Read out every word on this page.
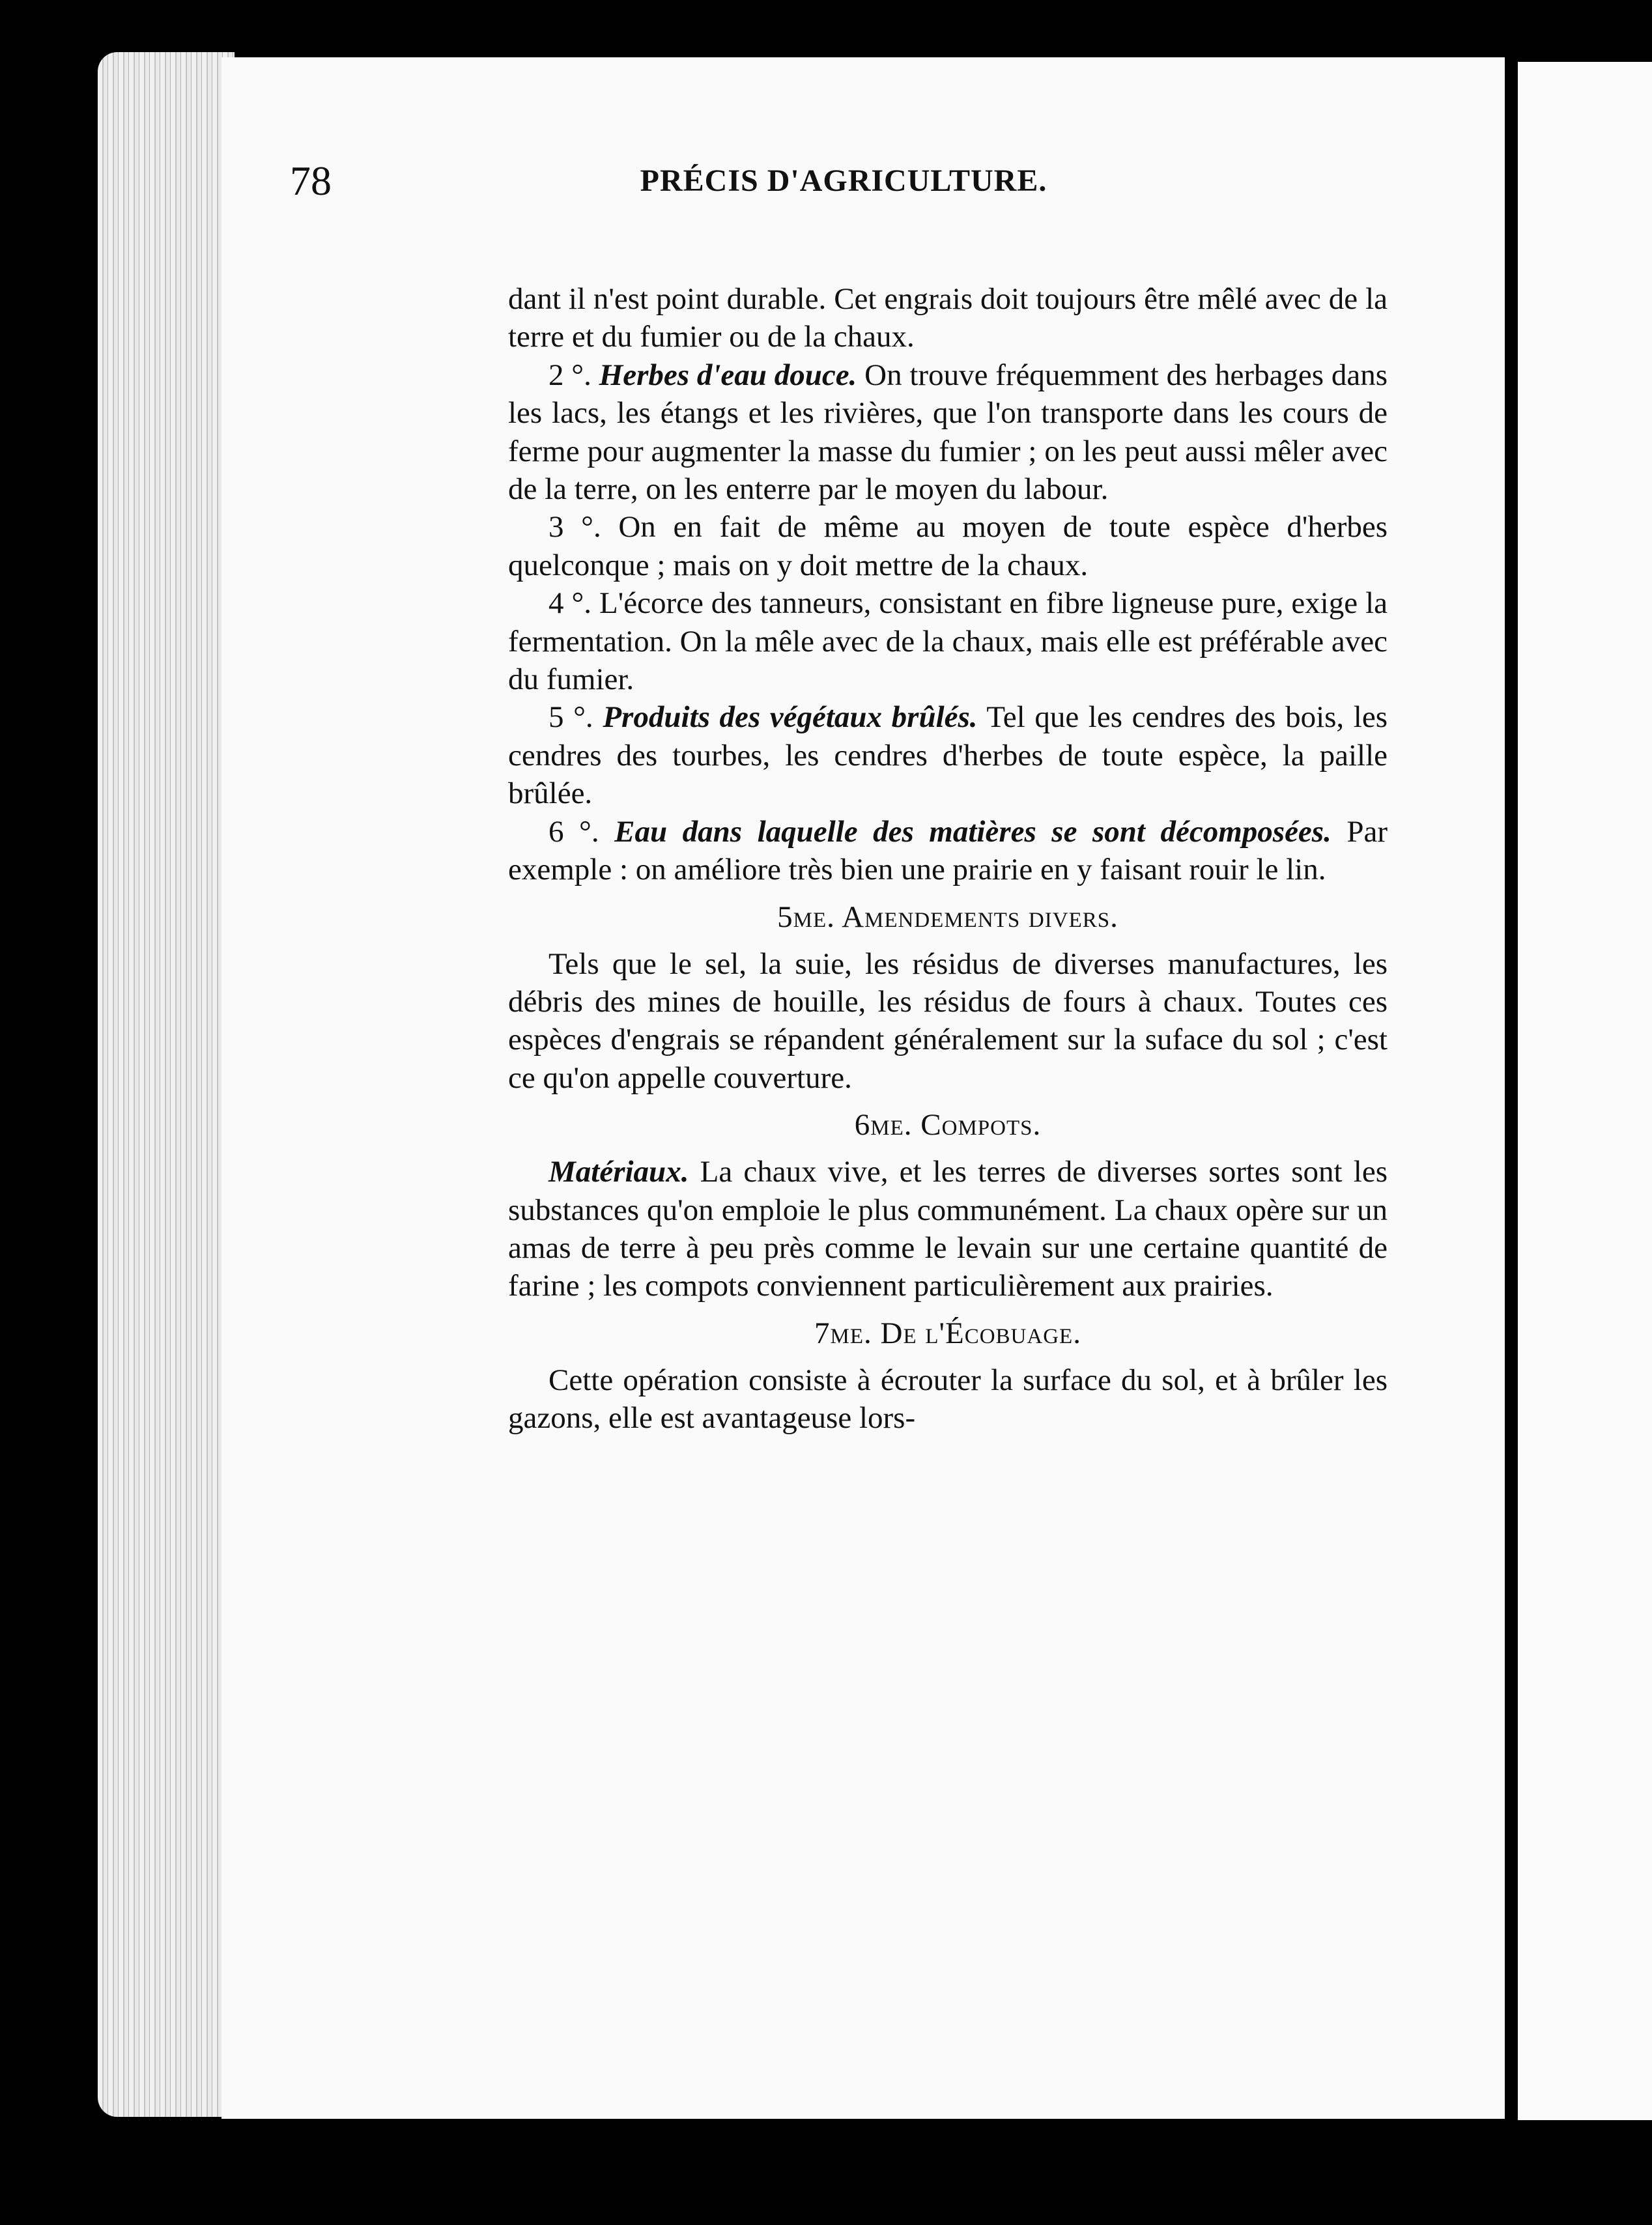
78	PRÉCIS D'AGRICULTURE.

dant il n'est point durable. Cet engrais doit toujours être mêlé avec de la terre et du fumier ou de la chaux.

2 °. Herbes d'eau douce. On trouve fréquemment des herbages dans les lacs, les étangs et les rivières, que l'on transporte dans les cours de ferme pour augmenter la masse du fumier ; on les peut aussi mêler avec de la terre, on les enterre par le moyen du labour.

3 °. On en fait de même au moyen de toute espèce d'herbes quelconque ; mais on y doit mettre de la chaux.

4 °. L'écorce des tanneurs, consistant en fibre ligneuse pure, exige la fermentation. On la mêle avec de la chaux, mais elle est préférable avec du fumier.

5 °. Produits des végétaux brûlés. Tel que les cendres des bois, les cendres des tourbes, les cendres d'herbes de toute espèce, la paille brûlée.

6 °. Eau dans laquelle des matières se sont décomposées. Par exemple : on améliore très bien une prairie en y faisant rouir le lin.

5me. Amendements divers.

Tels que le sel, la suie, les résidus de diverses manufactures, les débris des mines de houille, les résidus de fours à chaux. Toutes ces espèces d'engrais se répandent généralement sur la suface du sol ; c'est ce qu'on appelle couverture.

6me. Compots.

Matériaux. La chaux vive, et les terres de diverses sortes sont les substances qu'on emploie le plus communément. La chaux opère sur un amas de terre à peu près comme le levain sur une certaine quantité de farine ; les compots conviennent particulièrement aux prairies.

7me. De l'Écobuage.

Cette opération consiste à écrouter la surface du sol, et à brûler les gazons, elle est avantageuse lors-
